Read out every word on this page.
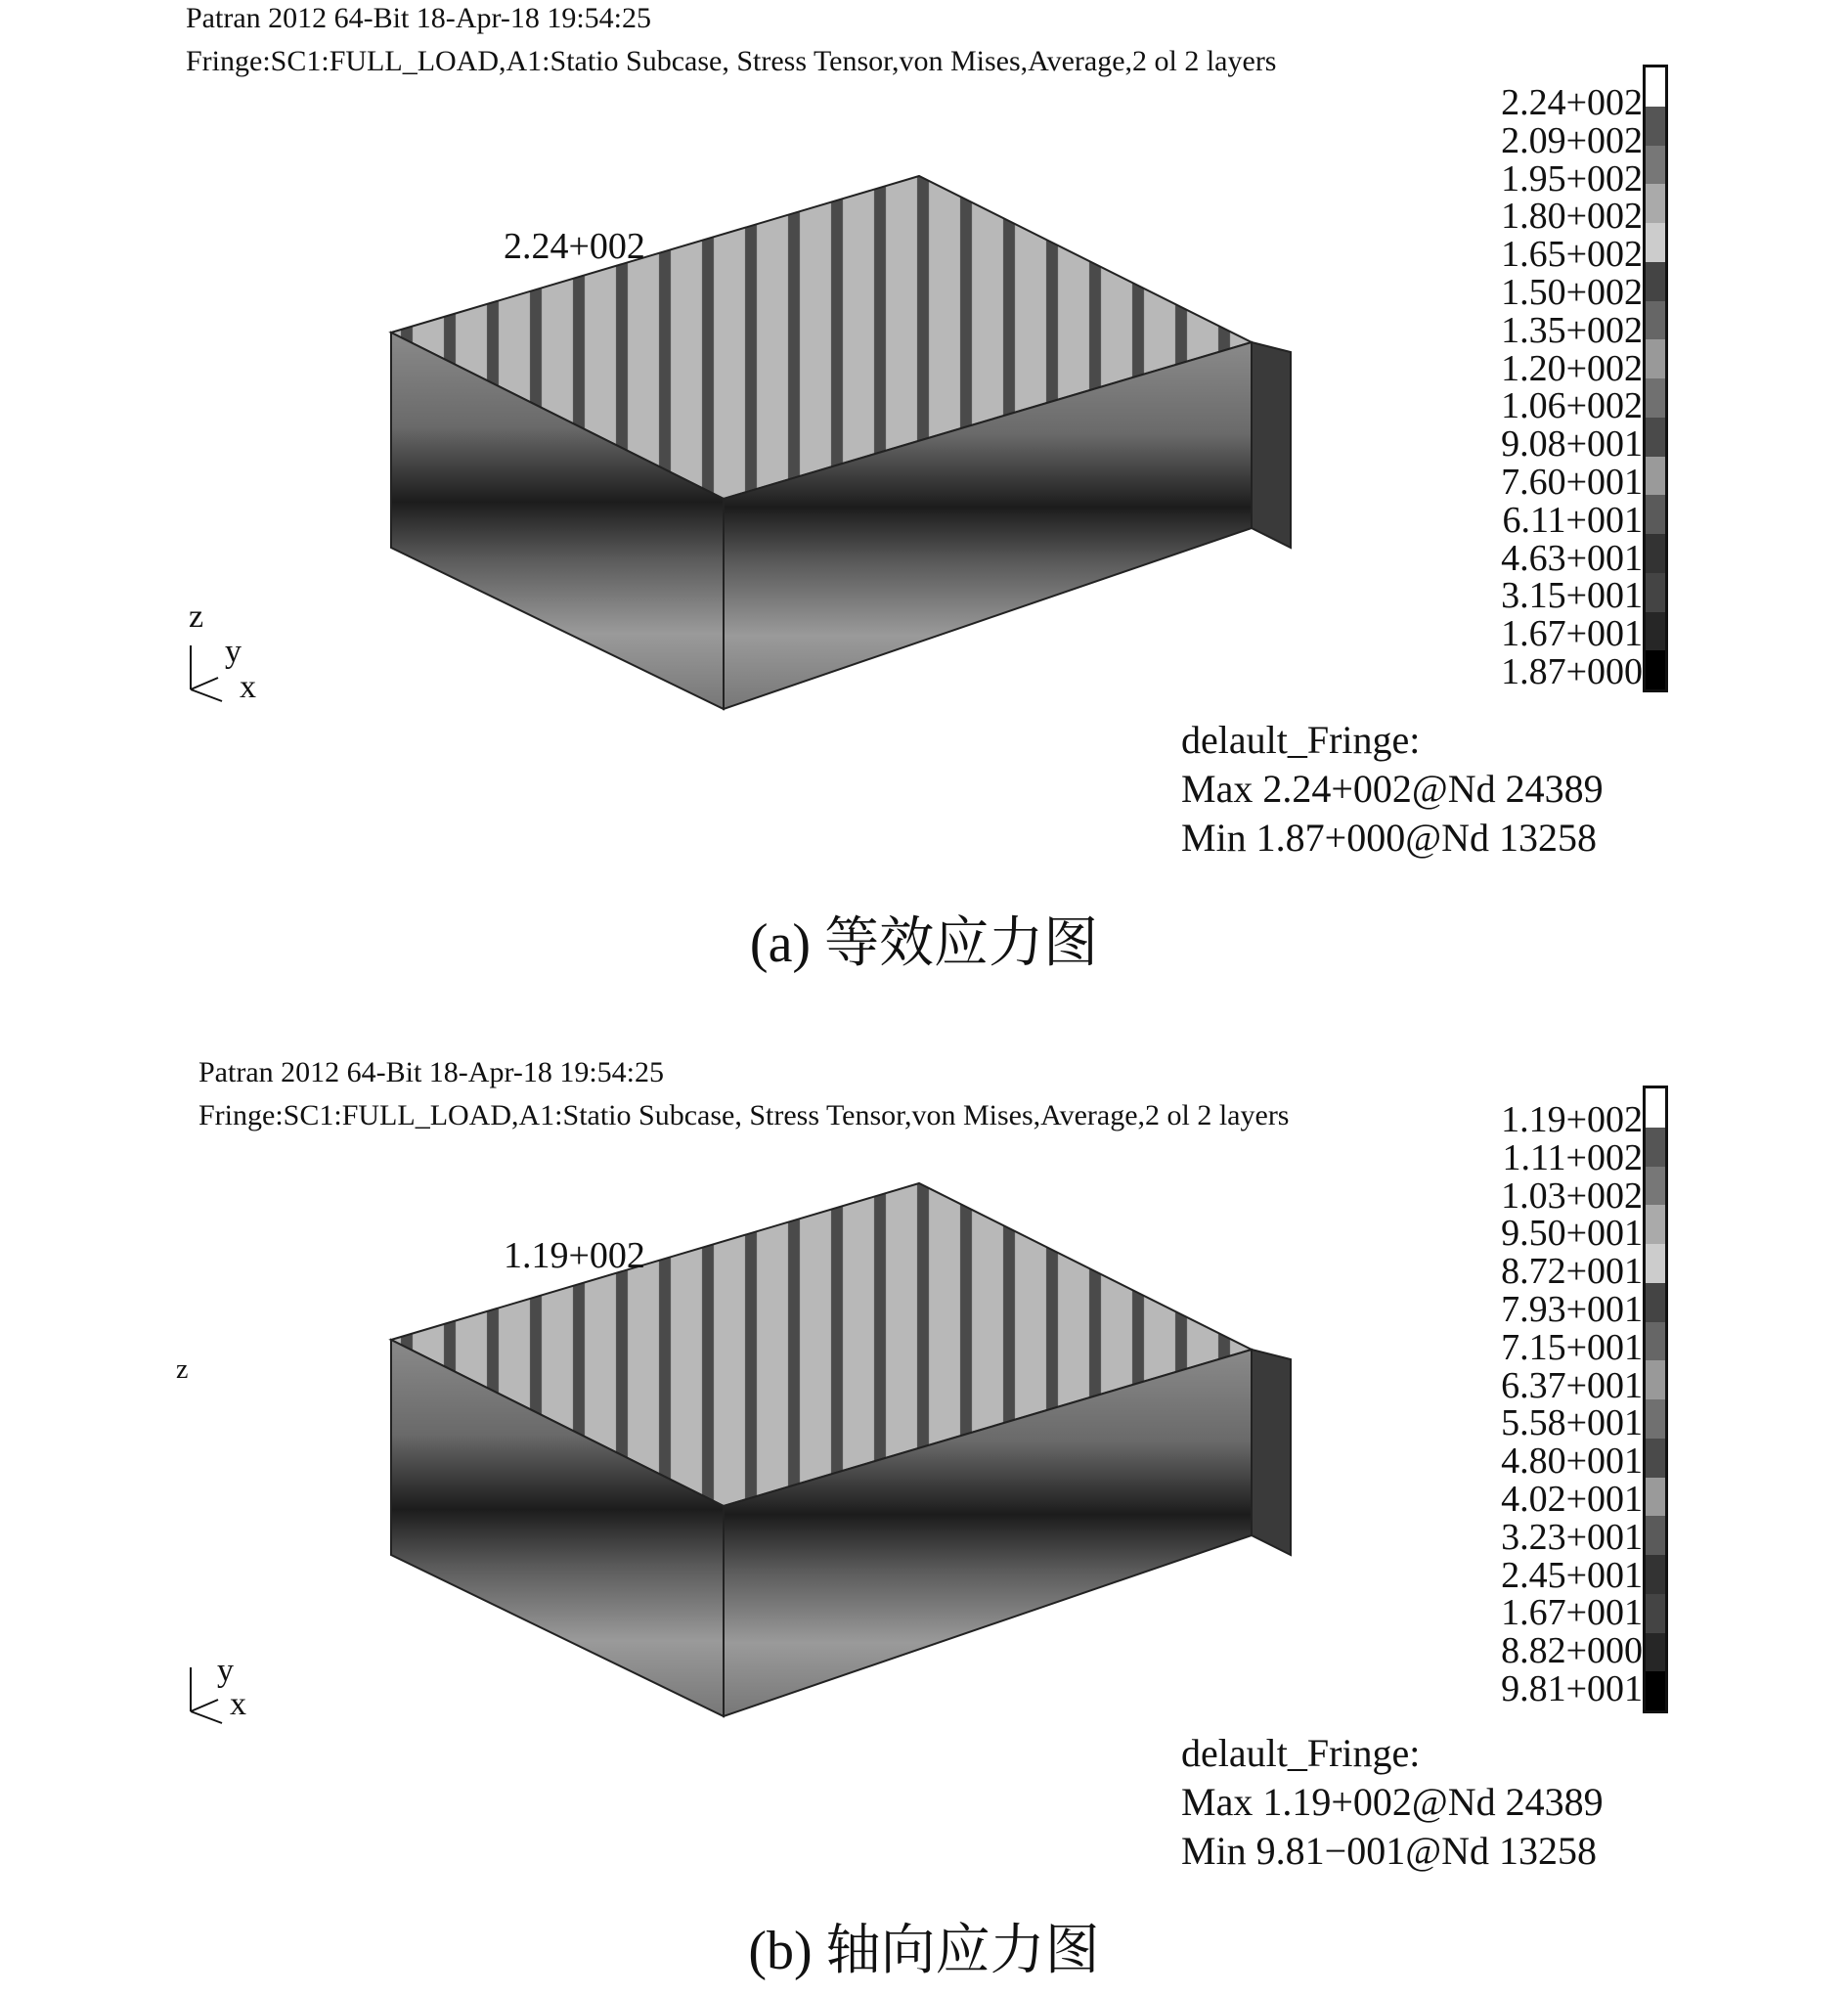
Patran 2012 64-Bit 18-Apr-18 19:54:25
Fringe:SC1:FULL_LOAD,A1:Statio Subcase, Stress Tensor,von Mises,Average,2 ol 2 layers
2.24+002
z
y
x
2.24+002
2.09+002
1.95+002
1.80+002
1.65+002
1.50+002
1.35+002
1.20+002
1.06+002
9.08+001
7.60+001
6.11+001
4.63+001
3.15+001
1.67+001
1.87+000
delault_Fringe:
Max 2.24+002@Nd 24389
Min 1.87+000@Nd 13258
(a) 等效应力图
Patran 2012 64-Bit 18-Apr-18 19:54:25
Fringe:SC1:FULL_LOAD,A1:Statio Subcase, Stress Tensor,von Mises,Average,2 ol 2 layers
1.19+002
z
y
x
1.19+002
1.11+002
1.03+002
9.50+001
8.72+001
7.93+001
7.15+001
6.37+001
5.58+001
4.80+001
4.02+001
3.23+001
2.45+001
1.67+001
8.82+000
9.81+001
delault_Fringe:
Max 1.19+002@Nd 24389
Min 9.81−001@Nd 13258
(b) 轴向应力图
